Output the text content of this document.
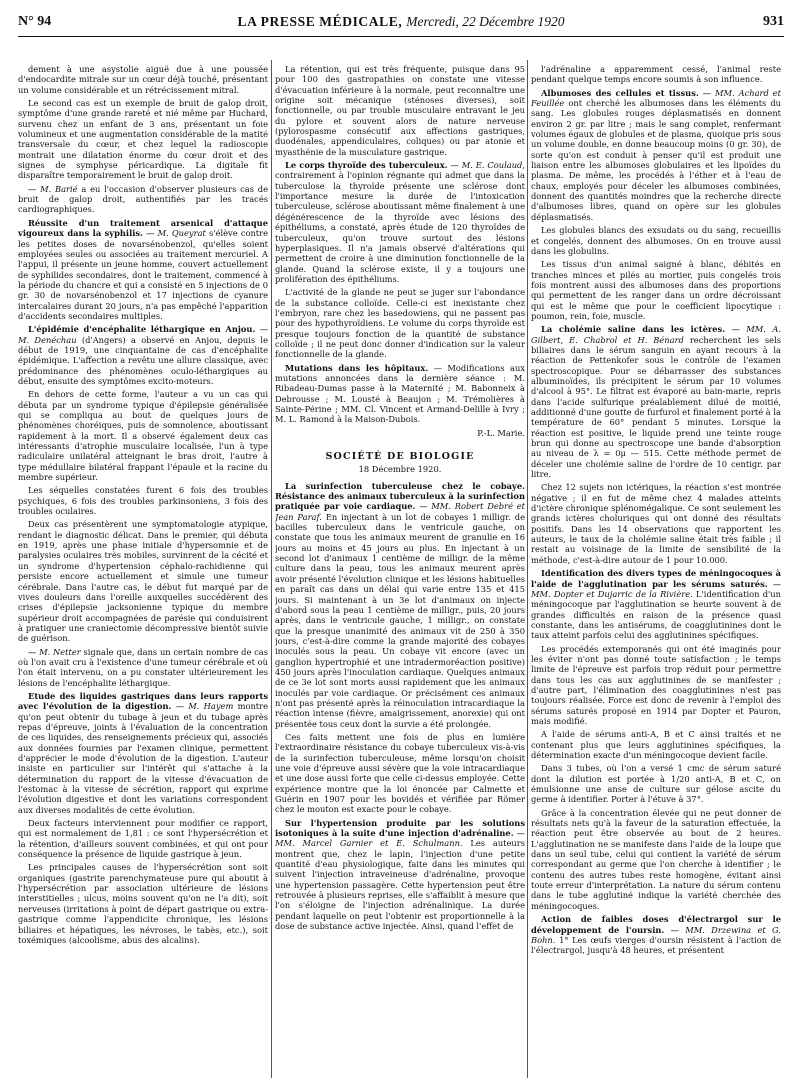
N° 94	LA PRESSE MÉDICALE, Mercredi, 22 Décembre 1920	931

dement à une asystolie aiguë due à une poussée d'endocardite mitrale sur un cœur déjà touché, présentant un volume considérable et un rétrécissement mitral.

Le second cas est un exemple de bruit de galop droit, symptôme d'une grande rareté et nié même par Huchard, survenu chez un enfant de 3 ans, présentant un foie volumineux et une augmentation considérable de la matité transversale du cœur, et chez lequel la radioscopie montrait une dilatation énorme du cœur droit et des signes de symphyse péricardique. La digitale fit disparaître temporairement le bruit de galop droit.

— M. Barié a eu l'occasion d'observer plusieurs cas de bruit de galop droit, authentifiés par les tracés cardiographiques.

Réussite d'un traitement arsenical d'attaque vigoureux dans la syphilis. — M. Queyrat s'élève contre les petites doses de novarsénobenzol, qu'elles soient employées seules ou associées au traitement mercuriel. A l'appui, il présente un jeune homme, couvert actuellement de syphilides secondaires, dont le traitement, commencé à la période du chancre et qui a consisté en 5 injections de 0 gr. 30 de novarsénobenzol et 17 injections de cyanure intercalaires durant 20 jours, n'a pas empêché l'apparition d'accidents secondaires multiples.

L'épidémie d'encéphalite léthargique en Anjou. — M. Denéchau (d'Angers) a observé en Anjou, depuis le début de 1919, une cinquantaine de cas d'encéphalite épidémique. L'affection a revêtu une allure classique, avec prédominance des phénomènes oculo-léthargiques au début, ensuite des symptômes excito-moteurs.

En dehors de cette forme, l'auteur a vu un cas qui débuta par un syndrome typique d'épilepsie généralisée qui se compliqua au bout de quelques jours de phénomènes choréiques, puis de somnolence, aboutissant rapidement à la mort. Il a observé également deux cas intéressants d'atrophie musculaire localisée, l'un à type radiculaire unilatéral atteignant le bras droit, l'autre à type médullaire bilatéral frappant l'épaule et la racine du membre supérieur.

Les séquelles constatées furent 6 fois des troubles psychiques, 6 fois des troubles parkinsoniens, 3 fois des troubles oculaires.

Deux cas présentèrent une symptomatologie atypique, rendant le diagnostic délicat. Dans le premier, qui débuta en 1919, après une phase initiale d'hypersomnie et de paralysies oculaires très mobiles, survinrent de la cécité et un syndrome d'hypertension céphalo-rachidienne qui persiste encore actuellement et simule une tumeur cérébrale. Dans l'autre cas, le début fut marqué par de vives douleurs dans l'oreille auxquelles succédèrent des crises d'épilepsie jacksonienne typique du membre supérieur droit accompagnées de parésie qui conduisirent à pratiquer une craniectomie décompressive bientôt suivie de guérison.

— M. Netter signale que, dans un certain nombre de cas où l'on avait cru à l'existence d'une tumeur cérébrale et où l'on était intervenu, on a pu constater ultérieurement les lésions de l'encéphalite léthargique.

Etude des liquides gastriques dans leurs rapports avec l'évolution de la digestion. — M. Hayem montre qu'on peut obtenir du tubage à jeun et du tubage après repas d'épreuve, joints à l'évaluation de la concentration de ces liquides, des renseignements précieux qui, associés aux données fournies par l'examen clinique, permettent d'apprécier le mode d'évolution de la digestion. L'auteur insiste en particulier sur l'intérêt qui s'attache à la détermination du rapport de la vitesse d'évacuation de l'estomac à la vitesse de sécrétion, rapport qui exprime l'évolution digestive et dont les variations correspondent aux diverses modalités de cette évolution.

Deux facteurs interviennent pour modifier ce rapport, qui est normalement de 1,81 : ce sont l'hypersécrétion et la rétention, d'ailleurs souvent combinées, et qui ont pour conséquence la présence de liquide gastrique à jeun.

Les principales causes de l'hypersécrétion sont soit organiques (gastrite parenchymateuse pure qui aboutit à l'hypersécrétion par association ultérieure de lésions interstitielles ; ulcus, moins souvent qu'on ne l'a dit), soit nerveuses (irritations à point de départ gastrique ou extra-gastrique comme l'appendicite chronique, les lésions biliaires et hépatiques, les névroses, le tabès, etc.), soit toxémiques (alcoolisme, abus des alcalins).

La rétention, qui est très fréquente, puisque dans 95 pour 100 des gastropathies on constate une vitesse d'évacuation inférieure à la normale, peut reconnaître une origine soit mécanique (sténoses diverses), soit fonctionnelle, ou par trouble musculaire entravant le jeu du pylore et souvent alors de nature nerveuse (pylorospasme consécutif aux affections gastriques, duodénales, appendiculaires, coliques) ou par atonie et myasthénie de la musculature gastrique.

Le corps thyroïde des tuberculeux. — M. E. Coulaud, contrairement à l'opinion régnante qui admet que dans la tuberculose la thyroïde présente une sclérose dont l'importance mesure la durée de l'intoxication tuberculeuse, sclérose aboutissant même finalement à une dégénérescence de la thyroïde avec lésions des épithéliums, a constaté, après étude de 120 thyroïdes de tuberculeux, qu'on trouve surtout des lésions hyperplasiques. Il n'a jamais observé d'altérations qui permettent de croire à une diminution fonctionnelle de la glande. Quand la sclérose existe, il y a toujours une prolifération des épithéliums.

L'activité de la glande ne peut se juger sur l'abondance de la substance colloïde. Celle-ci est inexistante chez l'embryon, rare chez les basedowiens, qui ne passent pas pour des hypothyroïdiens. Le volume du corps thyroïde est presque toujours fonction de la quantité de substance colloïde ; il ne peut donc donner d'indication sur la valeur fonctionnelle de la glande.

Mutations dans les hôpitaux. — Modifications aux mutations annoncées dans la dernière séance : M. Ribadeau-Dumas passe à la Maternité ; M. Babonneix à Debrousse ; M. Lousté à Beaujon ; M. Trémolières à Sainte-Périne ; MM. Cl. Vincent et Armand-Delille à Ivry ; M. L. Ramond à la Maison-Dubois.

P.-L. Marie.

SOCIÉTÉ DE BIOLOGIE
18 Décembre 1920.

La surinfection tuberculeuse chez le cobaye. Résistance des animaux tuberculeux à la surinfection pratiquée par voie cardiaque. — MM. Robert Debré et Jean Paraf. En injectant à un lot de cobayes 1 milligr. de bacilles tuberculeux dans le ventricule gauche, on constate que tous les animaux meurent de granulie en 16 jours au moins et 45 jours au plus. En injectant à un second lot d'animaux 1 centième de milligr. de la même culture dans la peau, tous les animaux meurent après avoir présenté l'évolution clinique et les lésions habituelles en paraît cas dans un délai qui varie entre 135 et 415 jours. Si maintenant à un 3e lot d'animaux on injecte d'abord sous la peau 1 centième de milligr., puis, 20 jours après, dans le ventricule gauche, 1 milligr., on constate que la presque unanimité des animaux vit de 250 à 350 jours, c'est-à-dire comme la grande majorité des cobayes inoculés sous la peau. Un cobaye vit encore (avec un ganglion hypertrophié et une intradermoréaction positive) 450 jours après l'inoculation cardiaque. Quelques animaux de ce 3e lot sont morts aussi rapidement que les animaux inoculés par voie cardiaque. Or précisément ces animaux n'ont pas présenté après la réinoculation intracardiaque la réaction intense (fièvre, amaigrissement, anorexie) qui ont présentée tous ceux dont la survie a été prolongée.

Ces faits mettent une fois de plus en lumière l'extraordinaire résistance du cobaye tuberculeux vis-à-vis de la surinfection tuberculeuse, même lorsqu'on choisit une voie d'épreuve aussi sévère que la voie intracardiaque et une dose aussi forte que celle ci-dessus employée. Cette expérience montre que la loi énoncée par Calmette et Guérin en 1907 pour les bovidés et vérifiée par Römer chez le mouton est exacte pour le cobaye.

Sur l'hypertension produite par les solutions isotoniques à la suite d'une injection d'adrénaline. — MM. Marcel Garnier et E. Schulmann. Les auteurs montrent que, chez le lapin, l'injection d'une petite quantité d'eau physiologique, faite dans les minutes qui suivent l'injection intraveineuse d'adrénaline, provoque une hypertension passagère. Cette hypertension peut être retrouvée à plusieurs reprises, elle s'affaiblit à mesure que l'on s'éloigne de l'injection adrénalinique. La durée pendant laquelle on peut l'obtenir est proportionnelle à la dose de substance active injectée. Ainsi, quand l'effet de

l'adrénaline a apparemment cessé, l'animal reste pendant quelque temps encore soumis à son influence.

Albumoses des cellules et tissus. — MM. Achard et Feuillée ont cherché les albumoses dans les éléments du sang. Les globules rouges déplasmatisés en donnent environ 2 gr. par litre ; mais le sang complet, renfermant volumes égaux de globules et de plasma, quoique pris sous un volume double, en donne beaucoup moins (0 gr. 30), de sorte qu'on est conduit à penser qu'il est produit une liaison entre les albumoses globulaires et les lipoïdes du plasma. De même, les procédés à l'éther et à l'eau de chaux, employés pour déceler les albumoses combinées, donnent des quantités moindres que la recherche directe d'albumoses libres, quand on opère sur les globules déplasmatisés.

Les globules blancs des exsudats ou du sang, recueillis et congelés, donnent des albumoses. On en trouve aussi dans les globulins.

Les tissus d'un animal saigné à blanc, débités en tranches minces et pilés au mortier, puis congelés trois fois montrent aussi des albumoses dans des proportions qui permettent de les ranger dans un ordre décroissant qui est le même que pour le coefficient lipocytique : poumon, rein, foie, muscle.

La cholémie saline dans les ictères. — MM. A. Gilbert, E. Chabrol et H. Bénard recherchent les sels biliaires dans le sérum sanguin en ayant recours à la réaction de Pettenkofer sous le contrôle de l'examen spectroscopique. Pour se débarrasser des substances albuminoïdes, ils précipitent le sérum par 10 volumes d'alcool à 95°. Le filtrat est évaporé au bain-marie, repris dans l'acide sulfurique préalablement dilué de moitié, additionné d'une goutte de furfurol et finalement porté à la température de 60° pendant 5 minutes. Lorsque la réaction est positive, le liquide prend une teinte rouge brun qui donne au spectroscope une bande d'absorption au niveau de λ = 0μ — 515. Cette méthode permet de déceler une cholémie saline de l'ordre de 10 centigr. par litre.

Chez 12 sujets non ictériques, la réaction s'est montrée négative ; il en fut de même chez 4 malades atteints d'ictère chronique splénomégalique. Ce sont seulement les grands ictères choluriques qui ont donné des résultats positifs. Dans les 14 observations que rapportent les auteurs, le taux de la cholémie saline était très faible ; il restait au voisinage de la limite de sensibilité de la méthode, c'est-à-dire autour de 1 pour 10.000.

Identification des divers types de méningocoques à l'aide de l'agglutination par les sérums saturés. — MM. Dopter et Dujarric de la Rivière. L'identification d'un méningocoque par l'agglutination se heurte souvent à de grandes difficultés en raison de la présence quasi constante, dans les antisérums, de coagglutinines dont le taux atteint parfois celui des agglutinines spécifiques.

Les procédés extemporanés qui ont été imaginés pour les éviter n'ont pas donné toute satisfaction ; le temps limite de l'épreuve est parfois trop réduit pour permettre dans tous les cas aux agglutinines de se manifester ; d'autre part, l'élimination des coagglutinines n'est pas toujours réalisée. Force est donc de revenir à l'emploi des sérums saturés proposé en 1914 par Dopter et Pauron, mais modifié.

A l'aide de sérums anti-A, B et C ainsi traités et ne contenant plus que leurs agglutinines spécifiques, la détermination exacte d'un méningocoque devient facile.

Dans 3 tubes, où l'on a versé 1 cmc de sérum saturé dont la dilution est portée à 1/20 anti-A, B et C, on émulsionne une anse de culture sur gélose ascite du germe à identifier. Porter à l'étuve à 37°.

Grâce à la concentration élevée qui ne peut donner de résultats nets qu'à la faveur de la saturation effectuée, la réaction peut être observée au bout de 2 heures. L'agglutination ne se manifeste dans l'aide de la loupe que dans un seul tube, celui qui contient la variété de sérum correspondant au germe que l'on cherche à identifier ; le contenu des autres tubes reste homogène, évitant ainsi toute erreur d'interprétation. La nature du sérum contenu dans le tube agglutiné indique la variété cherchée des méningocoques.

Action de faibles doses d'électrargol sur le développement de l'oursin. — MM. Drzewina et G. Bohn. 1° Les œufs vierges d'oursin résistent à l'action de l'électrargol, jusqu'à 48 heures, et présentent
